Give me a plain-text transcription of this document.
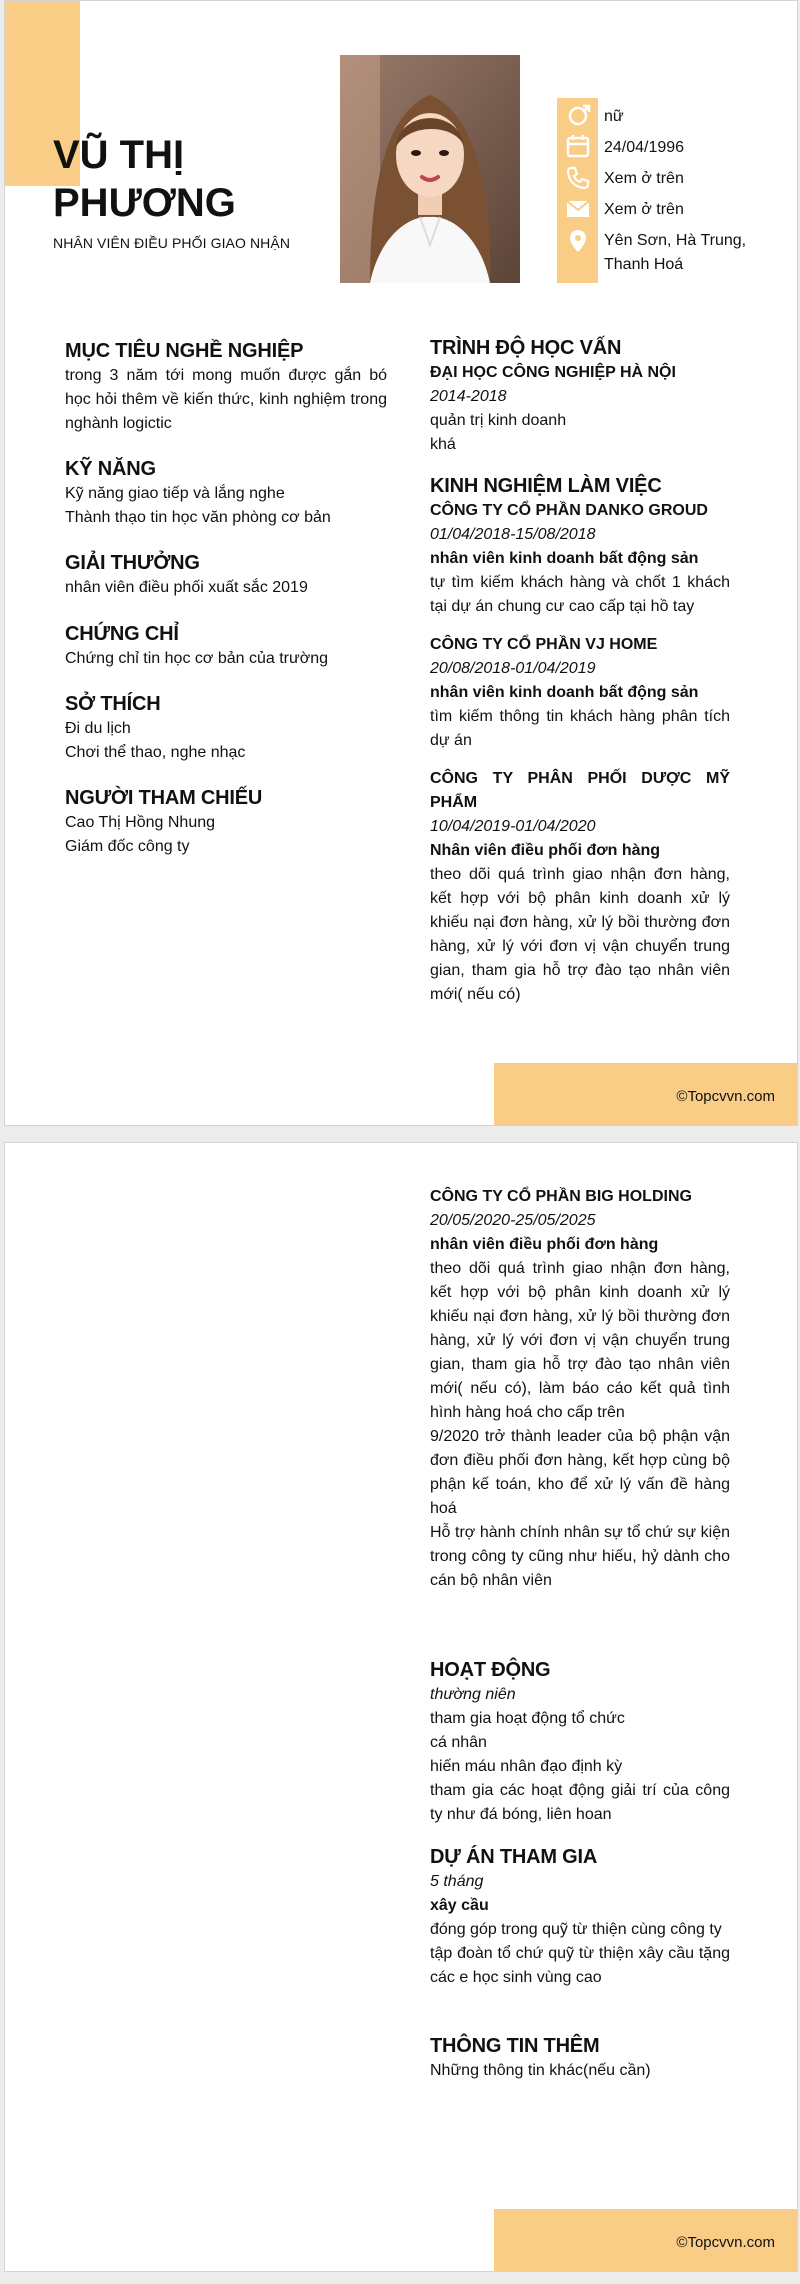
VŨ THỊ
PHƯƠNG
NHÂN VIÊN ĐIỀU PHỐI GIAO NHẬN
nữ
24/04/1996
Xem ở trên
Xem ở trên
Yên Sơn, Hà Trung,
Thanh Hoá
MỤC TIÊU NGHỀ NGHIỆP

trong 3 năm tới mong muốn được gắn bó học hỏi thêm về kiến thức, kinh nghiệm trong nghành logictic

KỸ NĂNG

Kỹ năng giao tiếp và lắng nghe

Thành thạo tin học văn phòng cơ bản

GIẢI THƯỞNG

nhân viên điều phối xuất sắc 2019

CHỨNG CHỈ

Chứng chỉ tin học cơ bản của trường

SỞ THÍCH

Đi du lịch

Chơi thể thao, nghe nhạc

NGƯỜI THAM CHIẾU

Cao Thị Hồng Nhung

Giám đốc công ty

TRÌNH ĐỘ HỌC VẤN

ĐẠI HỌC CÔNG NGHIỆP HÀ NỘI

2014-2018

quản trị kinh doanh

khá

KINH NGHIỆM LÀM VIỆC

CÔNG TY CỔ PHẦN DANKO GROUD

01/04/2018-15/08/2018

nhân viên kinh doanh bất động sản

tự tìm kiếm khách hàng và chốt 1 khách tại dự án chung cư cao cấp tại hồ tay

CÔNG TY CỔ PHẦN VJ HOME

20/08/2018-01/04/2019

nhân viên kinh doanh bất động sản

tìm kiếm thông tin khách hàng phân tích dự án

CÔNG TY PHÂN PHỐI DƯỢC MỸ PHẨM

10/04/2019-01/04/2020

Nhân viên điều phối đơn hàng

theo dõi quá trình giao nhận đơn hàng, kết hợp với bộ phân kinh doanh xử lý khiếu nại đơn hàng, xử lý bồi thường đơn hàng, xử lý với đơn vị vận chuyển trung gian, tham gia hỗ trợ đào tạo nhân viên mới( nếu có)

©Topcvvn.com

CÔNG TY CỔ PHẦN BIG HOLDING

20/05/2020-25/05/2025

nhân viên điều phối đơn hàng

theo dõi quá trình giao nhận đơn hàng, kết hợp với bộ phân kinh doanh xử lý khiếu nại đơn hàng, xử lý bồi thường đơn hàng, xử lý với đơn vị vận chuyển trung gian, tham gia hỗ trợ đào tạo nhân viên mới( nếu có), làm báo cáo kết quả tình hình hàng hoá cho cấp trên

9/2020 trở thành leader của bộ phận vận đơn điều phối đơn hàng, kết hợp cùng bộ phận kế toán, kho để xử lý vấn đề hàng hoá

Hỗ trợ hành chính nhân sự tổ chứ sự kiện trong công ty cũng như hiếu, hỷ dành cho cán bộ nhân viên

HOẠT ĐỘNG

thường niên

tham gia hoạt động tổ chức

cá nhân

hiến máu nhân đạo định kỳ

tham gia các hoạt động giải trí của công ty như đá bóng, liên hoan

DỰ ÁN THAM GIA

5 tháng

xây cầu

đóng góp trong quỹ từ thiện cùng công ty

tập đoàn tổ chứ quỹ từ thiện xây cầu tặng các e học sinh vùng cao

THÔNG TIN THÊM

Những thông tin khác(nếu cần)

©Topcvvn.com
